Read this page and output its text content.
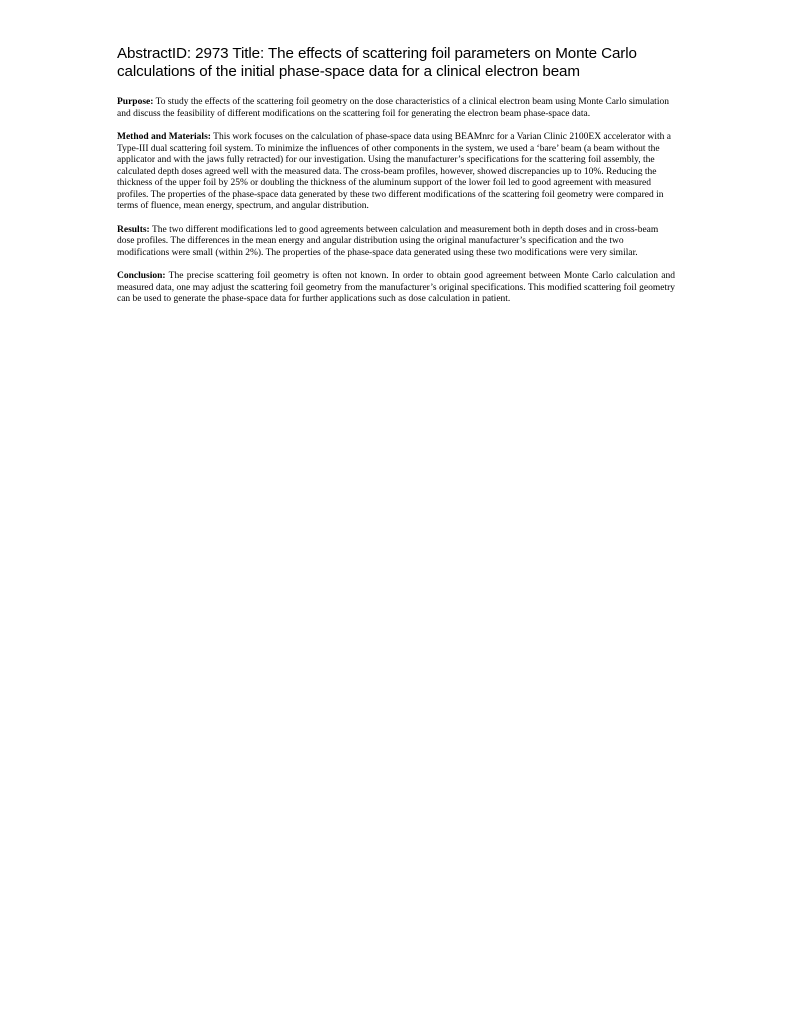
AbstractID: 2973 Title: The effects of scattering foil parameters on Monte Carlo calculations of the initial phase-space data for a clinical electron beam

Purpose: To study the effects of the scattering foil geometry on the dose characteristics of a clinical electron beam using Monte Carlo simulation and discuss the feasibility of different modifications on the scattering foil for generating the electron beam phase-space data.

Method and Materials: This work focuses on the calculation of phase-space data using BEAMnrc for a Varian Clinic 2100EX accelerator with a Type-III dual scattering foil system. To minimize the influences of other components in the system, we used a ‘bare’ beam (a beam without the applicator and with the jaws fully retracted) for our investigation. Using the manufacturer’s specifications for the scattering foil assembly, the calculated depth doses agreed well with the measured data. The cross-beam profiles, however, showed discrepancies up to 10%. Reducing the thickness of the upper foil by 25% or doubling the thickness of the aluminum support of the lower foil led to good agreement with measured profiles. The properties of the phase-space data generated by these two different modifications of the scattering foil geometry were compared in terms of fluence, mean energy, spectrum, and angular distribution.

Results: The two different modifications led to good agreements between calculation and measurement both in depth doses and in cross-beam dose profiles. The differences in the mean energy and angular distribution using the original manufacturer’s specification and the two modifications were small (within 2%). The properties of the phase-space data generated using these two modifications were very similar.

Conclusion: The precise scattering foil geometry is often not known. In order to obtain good agreement between Monte Carlo calculation and measured data, one may adjust the scattering foil geometry from the manufacturer’s original specifications. This modified scattering foil geometry can be used to generate the phase-space data for further applications such as dose calculation in patient.
